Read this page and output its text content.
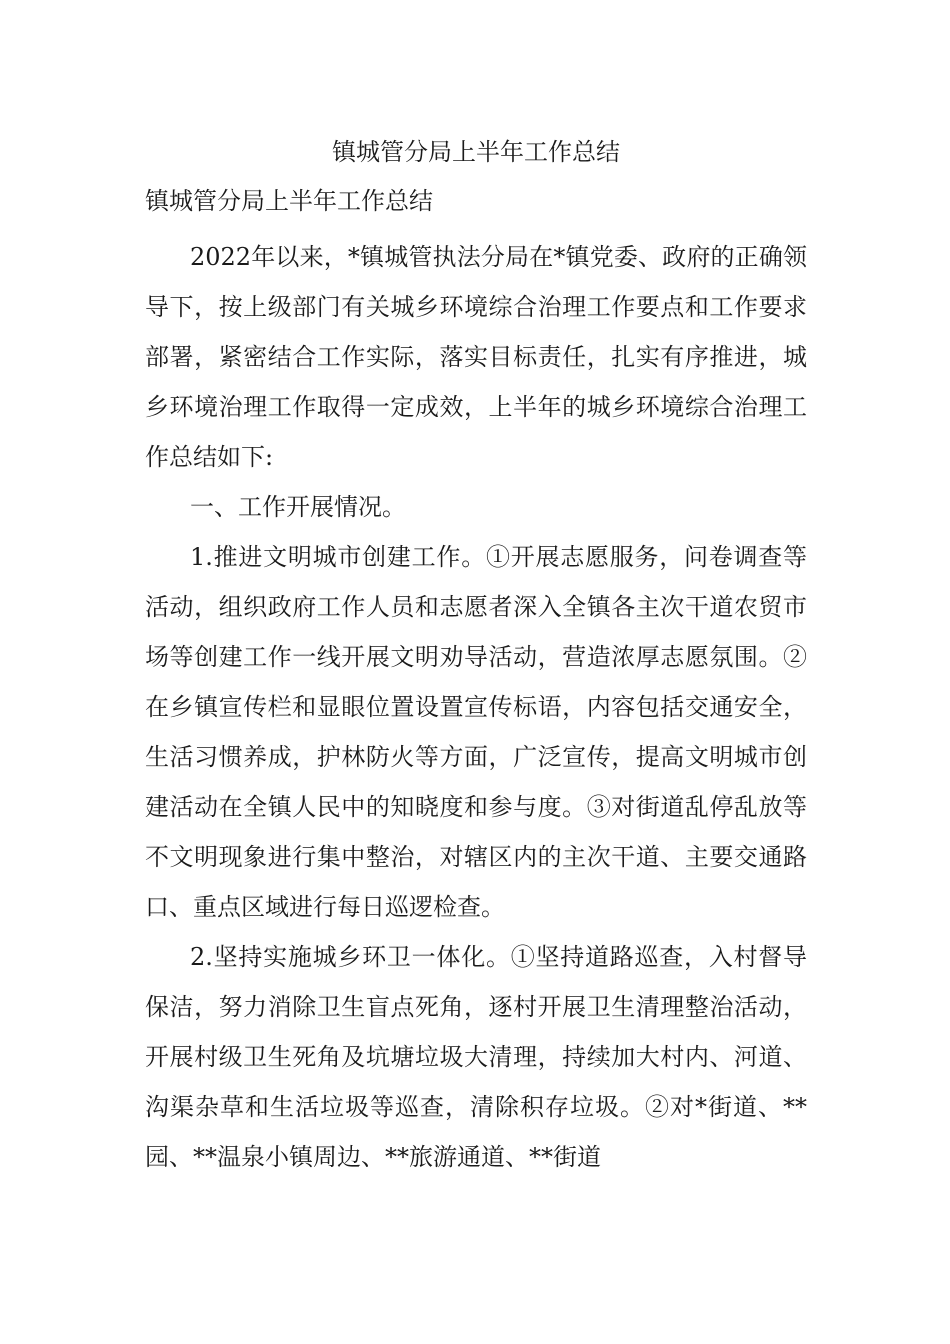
镇城管分局上半年工作总结
镇城管分局上半年工作总结

2022年以来，*镇城管执法分局在*镇党委、政府的正确领导下，按上级部门有关城乡环境综合治理工作要点和工作要求部署，紧密结合工作实际，落实目标责任，扎实有序推进，城乡环境治理工作取得一定成效，上半年的城乡环境综合治理工作总结如下:

一、工作开展情况。

1.推进文明城市创建工作。①开展志愿服务，问卷调查等活动，组织政府工作人员和志愿者深入全镇各主次干道农贸市场等创建工作一线开展文明劝导活动，营造浓厚志愿氛围。②在乡镇宣传栏和显眼位置设置宣传标语，内容包括交通安全，生活习惯养成，护林防火等方面，广泛宣传，提高文明城市创建活动在全镇人民中的知晓度和参与度。③对街道乱停乱放等不文明现象进行集中整治，对辖区内的主次干道、主要交通路口、重点区域进行每日巡逻检查。

2.坚持实施城乡环卫一体化。①坚持道路巡查，入村督导保洁，努力消除卫生盲点死角，逐村开展卫生清理整治活动，开展村级卫生死角及坑塘垃圾大清理，持续加大村内、河道、沟渠杂草和生活垃圾等巡查，清除积存垃圾。②对*街道、**园、**温泉小镇周边、**旅游通道、**街道
